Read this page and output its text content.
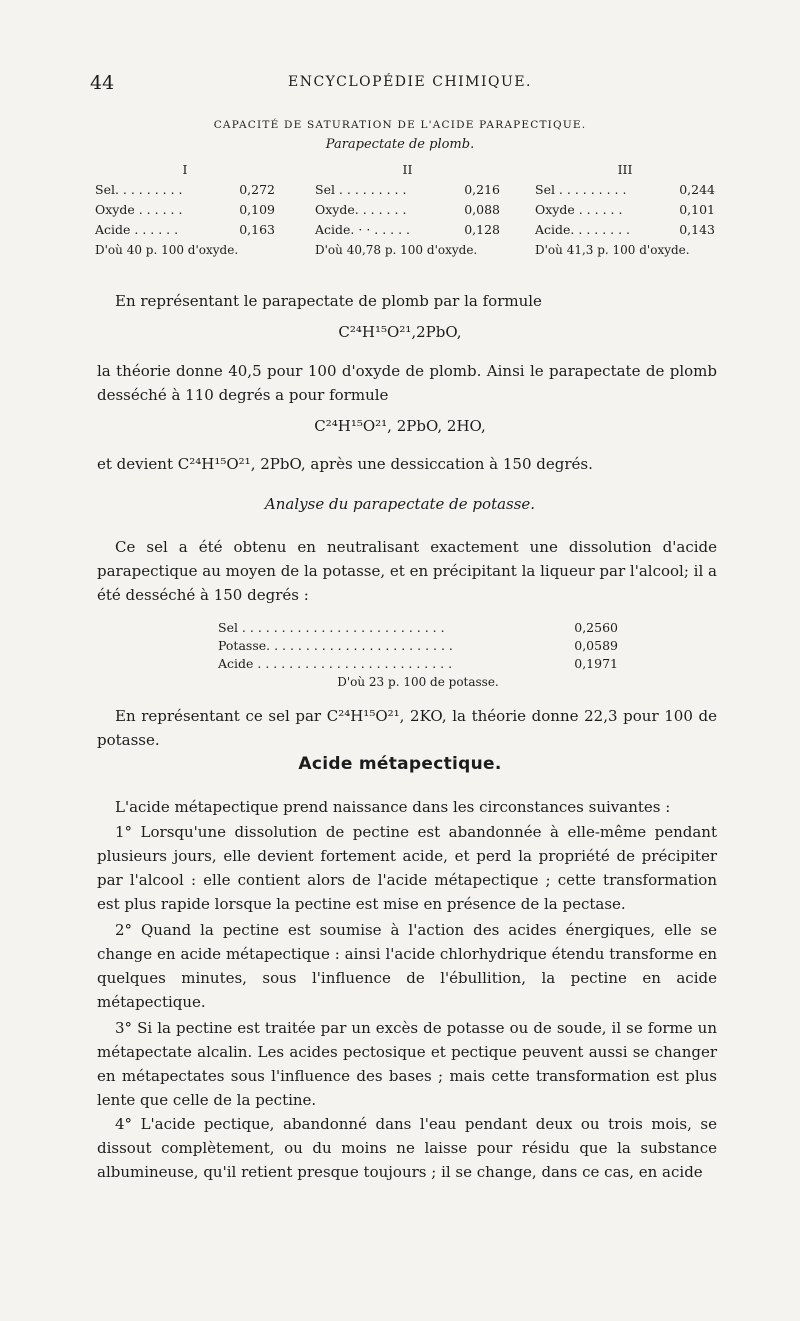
44	ENCYCLOPÉDIE CHIMIQUE.
CAPACITÉ DE SATURATION DE L'ACIDE PARAPECTIQUE.
Parapectate de plomb.
I
Sel. . . . . . . . .	0,272
Oxyde . . . . . .	0,109
Acide . . . . . .	0,163
D'où 40 p. 100 d'oxyde.
II
Sel . . . . . . . . .	0,216
Oxyde. . . . . . .	0,088
Acide. · · . . . . .	0,128
D'où 40,78 p. 100 d'oxyde.
III
Sel . . . . . . . . .	0,244
Oxyde . . . . . .	0,101
Acide. . . . . . . .	0,143
D'où 41,3 p. 100 d'oxyde.
En représentant le parapectate de plomb par la formule
C²⁴H¹⁵O²¹,2PbO,
la théorie donne 40,5 pour 100 d'oxyde de plomb. Ainsi le parapectate de plomb desséché à 110 degrés a pour formule
C²⁴H¹⁵O²¹, 2PbO, 2HO,
et devient C²⁴H¹⁵O²¹, 2PbO, après une dessiccation à 150 degrés.
Analyse du parapectate de potasse.
Ce sel a été obtenu en neutralisant exactement une dissolution d'acide parapectique au moyen de la potasse, et en précipitant la liqueur par l'alcool; il a été desséché à 150 degrés :
Sel . . . . . . . . . . . . . . . . . . . . . . . . . .	0,2560
Potasse. . . . . . . . . . . . . . . . . . . . . . . .	0,0589
Acide . . . . . . . . . . . . . . . . . . . . . . . . .	0,1971
D'où 23 p. 100 de potasse.
En représentant ce sel par C²⁴H¹⁵O²¹, 2KO, la théorie donne 22,3 pour 100 de potasse.
Acide métapectique.
L'acide métapectique prend naissance dans les circonstances suivantes :
1° Lorsqu'une dissolution de pectine est abandonnée à elle-même pendant plusieurs jours, elle devient fortement acide, et perd la propriété de précipiter par l'alcool : elle contient alors de l'acide métapectique ; cette transformation est plus rapide lorsque la pectine est mise en présence de la pectase.
2° Quand la pectine est soumise à l'action des acides énergiques, elle se change en acide métapectique : ainsi l'acide chlorhydrique étendu transforme en quelques minutes, sous l'influence de l'ébullition, la pectine en acide métapectique.
3° Si la pectine est traitée par un excès de potasse ou de soude, il se forme un métapectate alcalin. Les acides pectosique et pectique peuvent aussi se changer en métapectates sous l'influence des bases ; mais cette transformation est plus lente que celle de la pectine.
4° L'acide pectique, abandonné dans l'eau pendant deux ou trois mois, se dissout complètement, ou du moins ne laisse pour résidu que la substance albumineuse, qu'il retient presque toujours ; il se change, dans ce cas, en acide
